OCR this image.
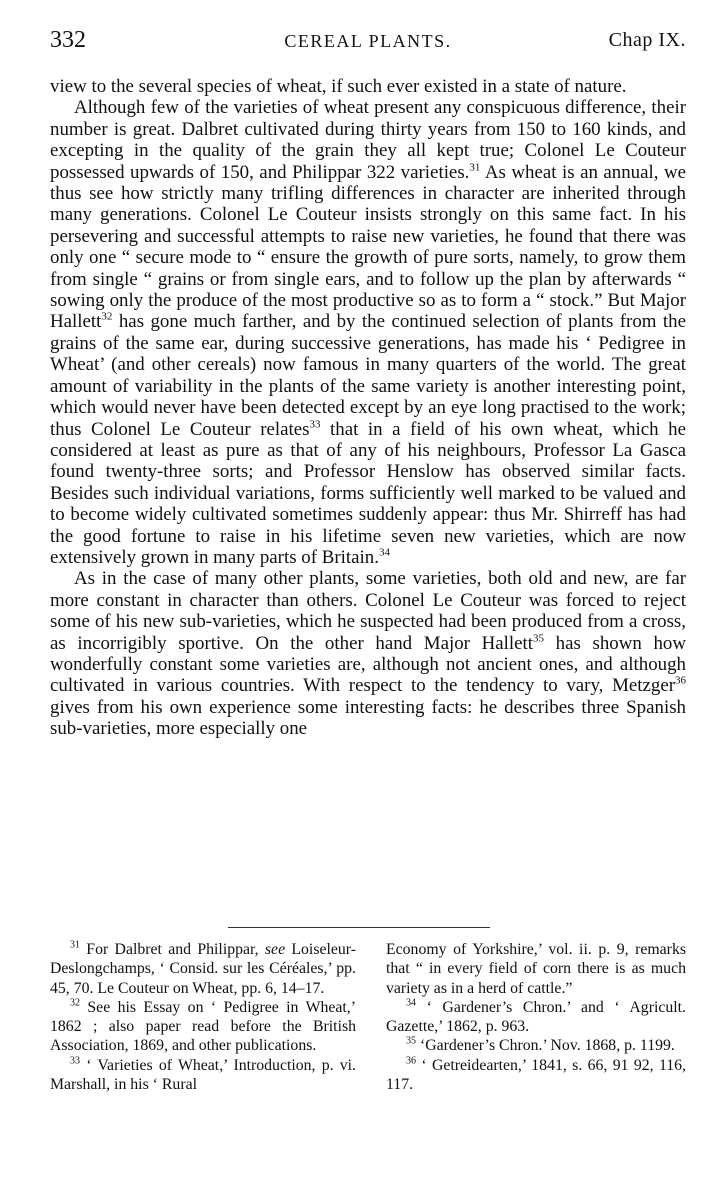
332	CEREAL PLANTS.	Chap IX.

view to the several species of wheat, if such ever existed in a state of nature.

Although few of the varieties of wheat present any conspicuous difference, their number is great. Dalbret cultivated during thirty years from 150 to 160 kinds, and excepting in the quality of the grain they all kept true; Colonel Le Couteur possessed upwards of 150, and Philippar 322 varieties.$^{31}$ As wheat is an annual, we thus see how strictly many trifling differences in character are inherited through many generations. Colonel Le Couteur insists strongly on this same fact. In his persevering and successful attempts to raise new varieties, he found that there was only one “ secure mode to “ ensure the growth of pure sorts, namely, to grow them from single “ grains or from single ears, and to follow up the plan by afterwards “ sowing only the produce of the most productive so as to form a “ stock.” But Major Hallett$^{32}$ has gone much farther, and by the continued selection of plants from the grains of the same ear, during successive generations, has made his ‘ Pedigree in Wheat’ (and other cereals) now famous in many quarters of the world. The great amount of variability in the plants of the same variety is another interesting point, which would never have been detected except by an eye long practised to the work; thus Colonel Le Couteur relates$^{33}$ that in a field of his own wheat, which he considered at least as pure as that of any of his neighbours, Professor La Gasca found twenty-three sorts; and Professor Henslow has observed similar facts. Besides such individual variations, forms sufficiently well marked to be valued and to become widely cultivated sometimes suddenly appear: thus Mr. Shirreff has had the good fortune to raise in his lifetime seven new varieties, which are now extensively grown in many parts of Britain.$^{34}$

As in the case of many other plants, some varieties, both old and new, are far more constant in character than others. Colonel Le Couteur was forced to reject some of his new sub-varieties, which he suspected had been produced from a cross, as incorrigibly sportive. On the other hand Major Hallett$^{35}$ has shown how wonderfully constant some varieties are, although not ancient ones, and although cultivated in various countries. With respect to the tendency to vary, Metzger$^{36}$ gives from his own experience some interesting facts: he describes three Spanish sub-varieties, more especially one

$^{31}$ For Dalbret and Philippar, see Loiseleur-Deslongchamps, ‘ Consid. sur les Céréales,’ pp. 45, 70. Le Couteur on Wheat, pp. 6, 14–17.

$^{32}$ See his Essay on ‘ Pedigree in Wheat,’ 1862 ; also paper read before the British Association, 1869, and other publications.

$^{33}$ ‘ Varieties of Wheat,’ Introduction, p. vi. Marshall, in his ‘ Rural

Economy of Yorkshire,’ vol. ii. p. 9, remarks that “ in every field of corn there is as much variety as in a herd of cattle.”

$^{34}$ ‘ Gardener’s Chron.’ and ‘ Agricult. Gazette,’ 1862, p. 963.

$^{35}$ ‘Gardener’s Chron.’ Nov. 1868, p. 1199.

$^{36}$ ‘ Getreidearten,’ 1841, s. 66, 91 92, 116, 117.
